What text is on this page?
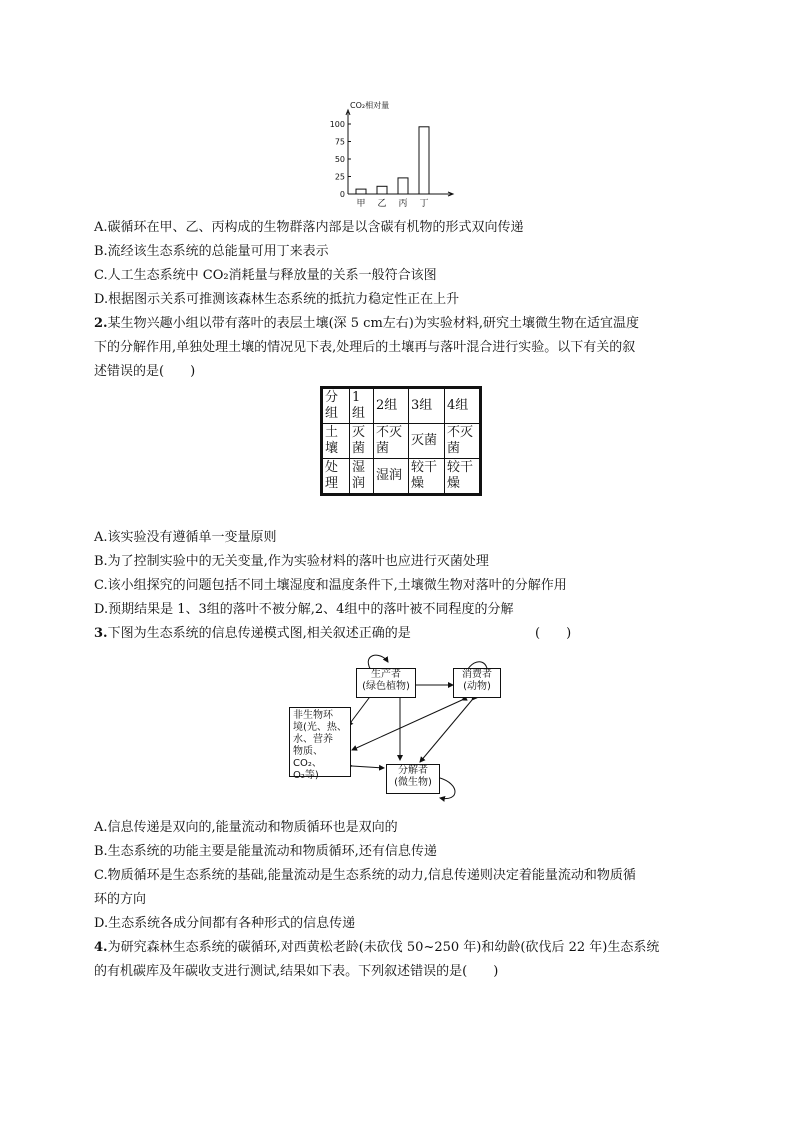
CO₂相对量
0
25
50
75
100
甲 乙 丙 丁
A.碳循环在甲、乙、丙构成的生物群落内部是以含碳有机物的形式双向传递
B.流经该生态系统的总能量可用丁来表示
C.人工生态系统中 CO₂消耗量与释放量的关系一般符合该图
D.根据图示关系可推测该森林生态系统的抵抗力稳定性正在上升
2.某生物兴趣小组以带有落叶的表层土壤(深 5 cm左右)为实验材料,研究土壤微生物在适宜温度
下的分解作用,单独处理土壤的情况见下表,处理后的土壤再与落叶混合进行实验。以下有关的叙
述错误的是(　　)
分组	1组	2组	3组	4组
土壤	灭菌	不灭菌	灭菌	不灭菌
处理	湿润	湿润	较干燥	较干燥
A.该实验没有遵循单一变量原则
B.为了控制实验中的无关变量,作为实验材料的落叶也应进行灭菌处理
C.该小组探究的问题包括不同土壤湿度和温度条件下,土壤微生物对落叶的分解作用
D.预期结果是 1、3组的落叶不被分解,2、4组中的落叶被不同程度的分解
3.下图为生态系统的信息传递模式图,相关叙述正确的是	(　　)
生产者
(绿色植物)
消费者
(动物)
非生物环
境(光、热、
水、营养
物质、CO₂、
O₂等)	分解者
(微生物)
A.信息传递是双向的,能量流动和物质循环也是双向的
B.生态系统的功能主要是能量流动和物质循环,还有信息传递
C.物质循环是生态系统的基础,能量流动是生态系统的动力,信息传递则决定着能量流动和物质循
环的方向
D.生态系统各成分间都有各种形式的信息传递
4.为研究森林生态系统的碳循环,对西黄松老龄(未砍伐 50~250 年)和幼龄(砍伐后 22 年)生态系统
的有机碳库及年碳收支进行测试,结果如下表。下列叙述错误的是(　　)
